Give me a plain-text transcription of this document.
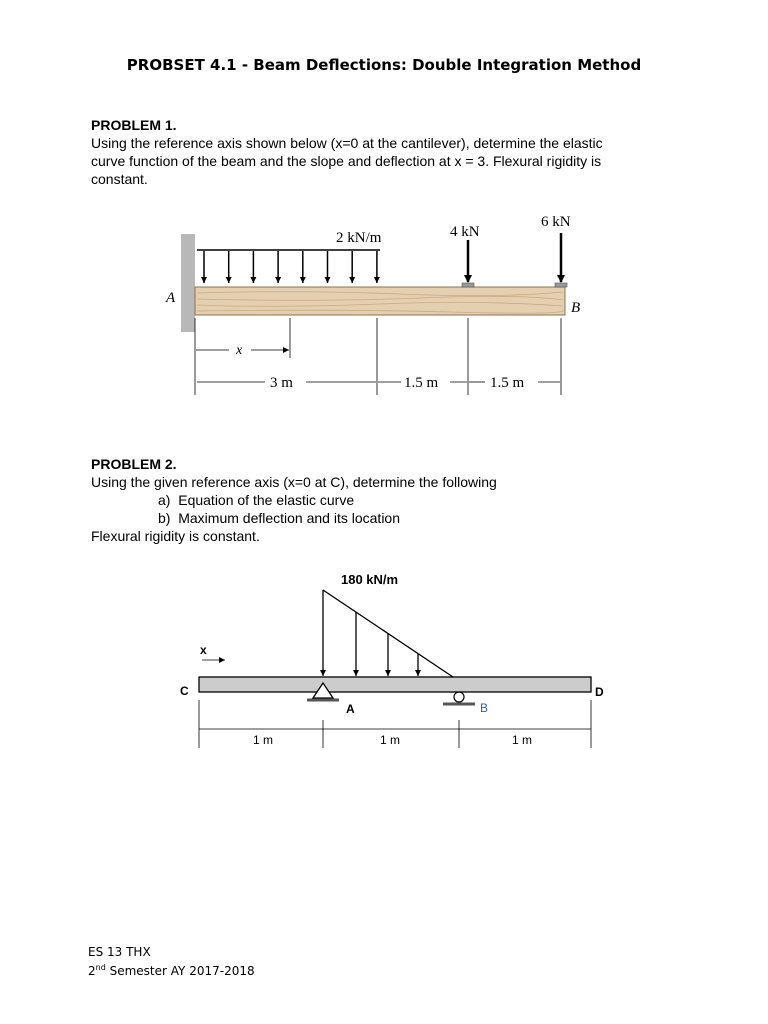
PROBSET 4.1 - Beam Deflections: Double Integration Method
PROBLEM 1.
Using the reference axis shown below (x=0 at the cantilever), determine the elastic
curve function of the beam and the slope and deflection at x = 3. Flexural rigidity is
constant.
2 kN/m	4 kN
6 kN
A
B
x
3 m	1.5 m	1.5 m
PROBLEM 2.
Using the given reference axis (x=0 at C), determine the following
a)  Equation of the elastic curve
b)  Maximum deflection and its location
Flexural rigidity is constant.
180 kN/m
x
C	D
A	B
1 m	1 m	1 m
ES 13 THX
2nd Semester AY 2017-2018
